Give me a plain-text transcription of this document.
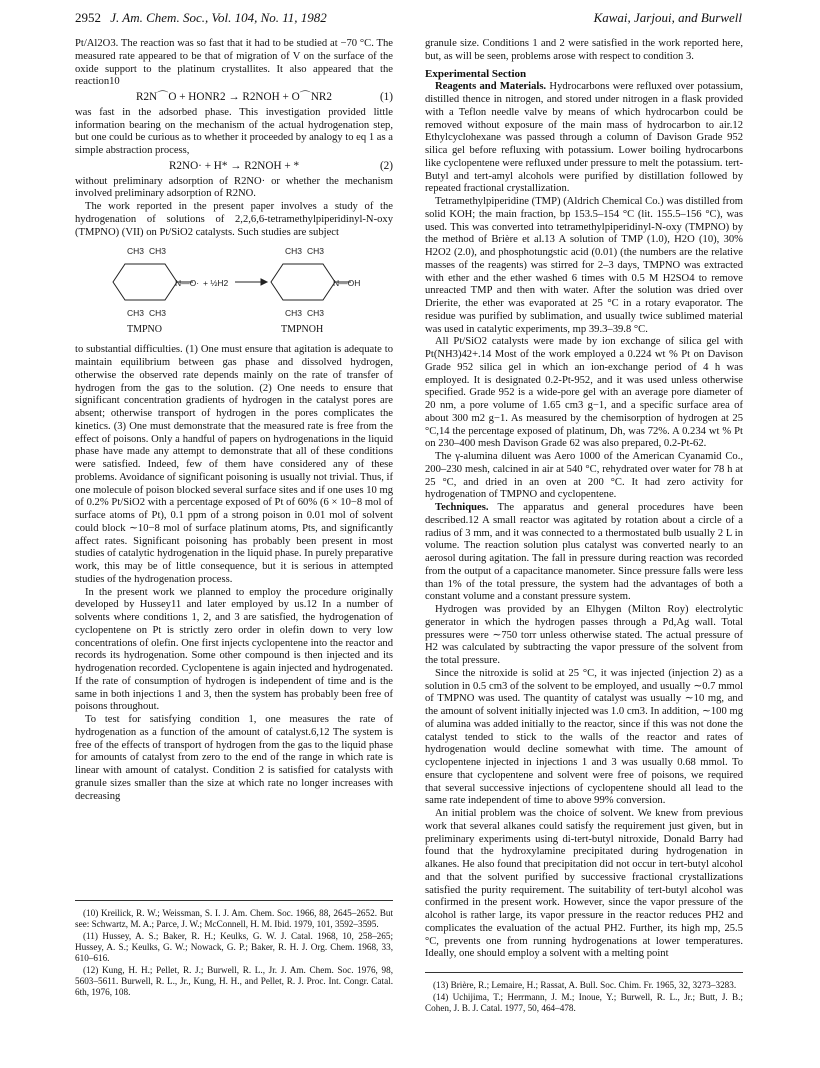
2952 J. Am. Chem. Soc., Vol. 104, No. 11, 1982	Kawai, Jarjoui, and Burwell

Pt/Al2O3. The reaction was so fast that it had to be studied at −70 °C. The measured rate appeared to be that of migration of V on the surface of the oxide support to the platinum crystallites. It also appeared that the reaction10

R2N⌒O + HONR2 → R2NOH + O⌒NR2	(1)

was fast in the adsorbed phase. This investigation provided little information bearing on the mechanism of the actual hydrogenation step, but one could be curious as to whether it proceeded by analogy to eq 1 as a simple abstraction process,

R2NO· + H* → R2NOH + *	(2)

without preliminary adsorption of R2NO· or whether the mechanism involved preliminary adsorption of R2NO.

The work reported in the present paper involves a study of the hydrogenation of solutions of 2,2,6,6-tetramethylpiperidinyl-N-oxy (TMPNO) (VII) on Pt/SiO2 catalysts. Such studies are subject

CH3 CH3
CH3 CH3
N—O· + ½H2
CH3 CH3
CH3 CH3
N—OH
TMPNO	TMPNOH

to substantial difficulties. (1) One must ensure that agitation is adequate to maintain equilibrium between gas phase and dissolved hydrogen, otherwise the observed rate depends mainly on the rate of transfer of hydrogen from the gas to the solution. (2) One needs to ensure that significant concentration gradients of hydrogen in the catalyst pores are absent; otherwise transport of hydrogen in the pores complicates the kinetics. (3) One must demonstrate that the measured rate is free from the effect of poisons. Only a handful of papers on hydrogenations in the liquid phase have made any attempt to demonstrate that all of these conditions were satisfied. Indeed, few of them have considered any of these problems. Avoidance of significant poisoning is usually not trivial. Thus, if one molecule of poison blocked several surface sites and if one uses 10 mg of 0.2% Pt/SiO2 with a percentage exposed of Pt of 60% (6 × 10−8 mol of surface atoms of Pt), 0.1 ppm of a strong poison in 0.01 mol of solvent could block ∼10−8 mol of surface platinum atoms, Pts, and significantly affect rates. Significant poisoning has probably been present in most studies of catalytic hydrogenation in the liquid phase. In purely preparative work, this may be of little consequence, but it is serious in attempted studies of the hydrogenation process.

In the present work we planned to employ the procedure originally developed by Hussey11 and later employed by us.12 In a number of solvents where conditions 1, 2, and 3 are satisfied, the hydrogenation of cyclopentene on Pt is strictly zero order in olefin down to very low concentrations of olefin. One first injects cyclopentene into the reactor and records its hydrogenation. Some other compound is then injected and its hydrogenation recorded. Cyclopentene is again injected and hydrogenated. If the rate of consumption of hydrogen is independent of time and is the same in both injections 1 and 3, then the system has probably been free of poisons throughout.

To test for satisfying condition 1, one measures the rate of hydrogenation as a function of the amount of catalyst.6,12 The system is free of the effects of transport of hydrogen from the gas to the liquid phase for amounts of catalyst from zero to the end of the range in which rate is linear with amount of catalyst. Condition 2 is satisfied for catalysts with granule sizes smaller than the size at which rate no longer increases with decreasing

(10) Kreilick, R. W.; Weissman, S. I. J. Am. Chem. Soc. 1966, 88, 2645–2652. But see: Schwartz, M. A.; Parce, J. W.; McConnell, H. M. Ibid. 1979, 101, 3592–3595.

(11) Hussey, A. S.; Baker, R. H.; Keulks, G. W. J. Catal. 1968, 10, 258–265; Hussey, A. S.; Keulks, G. W.; Nowack, G. P.; Baker, R. H. J. Org. Chem. 1968, 33, 610–616.

(12) Kung, H. H.; Pellet, R. J.; Burwell, R. L., Jr. J. Am. Chem. Soc. 1976, 98, 5603–5611. Burwell, R. L., Jr., Kung, H. H., and Pellet, R. J. Proc. Int. Congr. Catal. 6th, 1976, 108.

granule size. Conditions 1 and 2 were satisfied in the work reported here, but, as will be seen, problems arose with respect to condition 3.

Experimental Section

Reagents and Materials. Hydrocarbons were refluxed over potassium, distilled thence in nitrogen, and stored under nitrogen in a flask provided with a Teflon needle valve by means of which hydrocarbon could be removed without exposure of the main mass of hydrocarbon to air.12 Ethylcyclohexane was passed through a column of Davison Grade 952 silica gel before refluxing with potassium. Lower boiling hydrocarbons like cyclopentene were refluxed under pressure to melt the potassium. tert-Butyl and tert-amyl alcohols were purified by distillation followed by repeated fractional crystallization.

Tetramethylpiperidine (TMP) (Aldrich Chemical Co.) was distilled from solid KOH; the main fraction, bp 153.5–154 °C (lit. 155.5–156 °C), was used. This was converted into tetramethylpiperidinyl-N-oxy (TMPNO) by the method of Brière et al.13 A solution of TMP (1.0), H2O (10), 30% H2O2 (2.0), and phosphotungstic acid (0.01) (the numbers are the relative masses of the reagents) was stirred for 2–3 days, TMPNO was extracted with ether and the ether washed 6 times with 0.5 M H2SO4 to remove unreacted TMP and then with water. After the solution was dried over Drierite, the ether was evaporated at 25 °C in a rotary evaporator. The residue was purified by sublimation, and usually twice sublimed material was used in catalytic experiments, mp 39.3–39.8 °C.

All Pt/SiO2 catalysts were made by ion exchange of silica gel with Pt(NH3)42+.14 Most of the work employed a 0.224 wt % Pt on Davison Grade 952 silica gel in which an ion-exchange period of 4 h was employed. It is designated 0.2-Pt-952, and it was used unless otherwise specified. Grade 952 is a wide-pore gel with an average pore diameter of 20 nm, a pore volume of 1.65 cm3 g−1, and a specific surface area of about 300 m2 g−1. As measured by the chemisorption of hydrogen at 25 °C,14 the percentage exposed of platinum, Dh, was 72%. A 0.234 wt % Pt on 230–400 mesh Davison Grade 62 was also prepared, 0.2-Pt-62.

The γ-alumina diluent was Aero 1000 of the American Cyanamid Co., 200–230 mesh, calcined in air at 540 °C, rehydrated over water for 78 h at 25 °C, and dried in an oven at 200 °C. It had zero activity for hydrogenation of TMPNO and cyclopentene.

Techniques. The apparatus and general procedures have been described.12 A small reactor was agitated by rotation about a circle of a radius of 3 mm, and it was connected to a thermostated bulb usually 2 L in volume. The reaction solution plus catalyst was converted nearly to an aerosol during agitation. The fall in pressure during reaction was recorded from the output of a capacitance manometer. Since pressure falls were less than 1% of the total pressure, the system had the advantages of both a constant volume and a constant pressure system.

Hydrogen was provided by an Elhygen (Milton Roy) electrolytic generator in which the hydrogen passes through a Pd,Ag wall. Total pressures were ∼750 torr unless otherwise stated. The actual pressure of H2 was calculated by subtracting the vapor pressure of the solvent from the total pressure.

Since the nitroxide is solid at 25 °C, it was injected (injection 2) as a solution in 0.5 cm3 of the solvent to be employed, and usually ∼0.7 mmol of TMPNO was used. The quantity of catalyst was usually ∼10 mg, and the amount of solvent initially injected was 1.0 cm3. In addition, ∼100 mg of alumina was added initially to the reactor, since if this was not done the catalyst tended to stick to the walls of the reactor and rates of hydrogenation would decline somewhat with time. The amount of cyclopentene injected in injections 1 and 3 was usually 0.68 mmol. To ensure that cyclopentene and solvent were free of poisons, we required that several successive injections of cyclopentene should all lead to the same rate independent of time to above 99% conversion.

An initial problem was the choice of solvent. We knew from previous work that several alkanes could satisfy the requirement just given, but in preliminary experiments using di-tert-butyl nitroxide, Donald Barry had found that the hydroxylamine precipitated during hydrogenation in alkanes. He also found that precipitation did not occur in tert-butyl alcohol and that the solvent purified by successive fractional crystallizations satisfied the purity requirement. The suitability of tert-butyl alcohol was confirmed in the present work. However, since the vapor pressure of the alcohol is rather large, its vapor pressure in the reactor reduces PH2 and complicates the evaluation of the actual PH2. Further, its high mp, 25.5 °C, prevents one from running hydrogenations at lower temperatures. Ideally, one should employ a solvent with a melting point

(13) Brière, R.; Lemaire, H.; Rassat, A. Bull. Soc. Chim. Fr. 1965, 32, 3273–3283.

(14) Uchijima, T.; Herrmann, J. M.; Inoue, Y.; Burwell, R. L., Jr.; Butt, J. B.; Cohen, J. B. J. Catal. 1977, 50, 464–478.
